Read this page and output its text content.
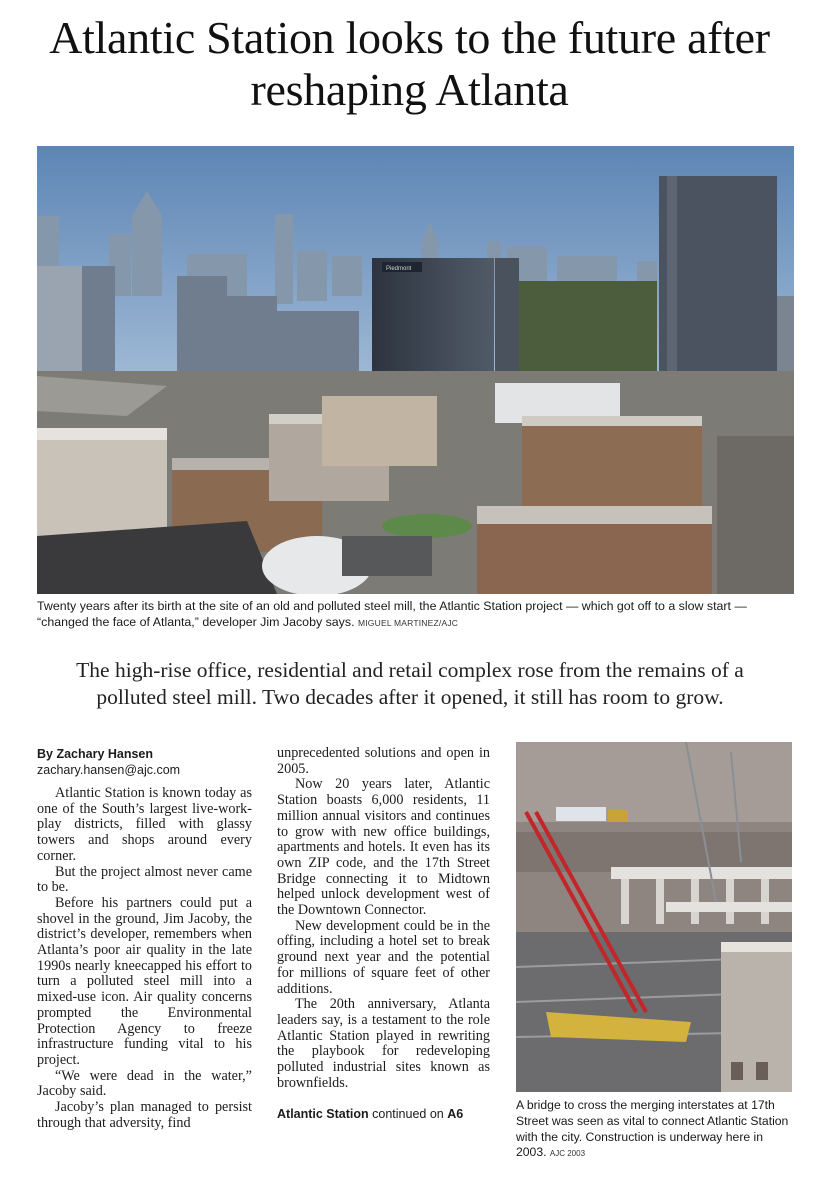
Atlantic Station looks to the future after reshaping Atlanta
Piedmont
Twenty years after its birth at the site of an old and polluted steel mill, the Atlantic Station project — which got off to a slow start — “changed the face of Atlanta,” developer Jim Jacoby says. MIGUEL MARTINEZ/AJC
The high-rise office, residential and retail complex rose from the remains of a polluted steel mill. Two decades after it opened, it still has room to grow.
By Zachary Hansen
zachary.hansen@ajc.com

Atlantic Station is known today as one of the South’s largest live-work-play districts, filled with glassy towers and shops around every corner.

But the project almost never came to be.

Before his partners could put a shovel in the ground, Jim Jacoby, the district’s developer, remembers when Atlanta’s poor air quality in the late 1990s nearly kneecapped his effort to turn a polluted steel mill into a mixed-use icon. Air quality concerns prompted the Environmental Protection Agency to freeze infrastructure funding vital to his project.

“We were dead in the water,” Jacoby said.

Jacoby’s plan managed to persist through that adversity, find

unprecedented solutions and open in 2005.

Now 20 years later, Atlantic Station boasts 6,000 residents, 11 million annual visitors and continues to grow with new office buildings, apartments and hotels. It even has its own ZIP code, and the 17th Street Bridge connecting it to Midtown helped unlock development west of the Downtown Connector.

New development could be in the offing, including a hotel set to break ground next year and the potential for millions of square feet of other additions.

The 20th anniversary, Atlanta leaders say, is a testament to the role Atlantic Station played in rewriting the playbook for redeveloping polluted industrial sites known as brownfields.

Atlantic Station continued on A6
A bridge to cross the merging interstates at 17th Street was seen as vital to connect Atlantic Station with the city. Construction is underway here in 2003. AJC 2003
